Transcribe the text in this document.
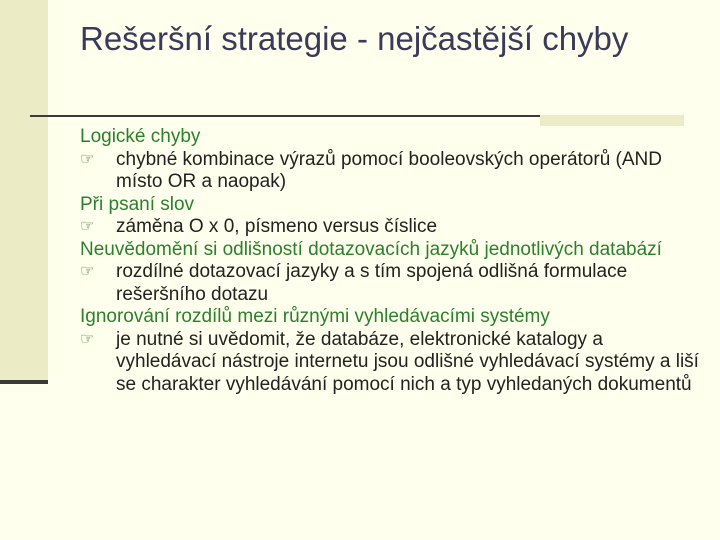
Rešeršní strategie - nejčastější chyby

Logické chyby

☞ chybné kombinace výrazů pomocí booleovských operátorů (AND místo OR a naopak)

Při psaní slov

☞ záměna O x 0, písmeno versus číslice

Neuvědomění si odlišností dotazovacích jazyků jednotlivých databází

☞ rozdílné dotazovací jazyky a s tím spojená odlišná formulace rešeršního dotazu

Ignorování rozdílů mezi různými vyhledávacími systémy

☞ je nutné si uvědomit, že databáze, elektronické katalogy a vyhledávací nástroje internetu jsou odlišné vyhledávací systémy a liší se charakter vyhledávání pomocí nich a typ vyhledaných dokumentů
